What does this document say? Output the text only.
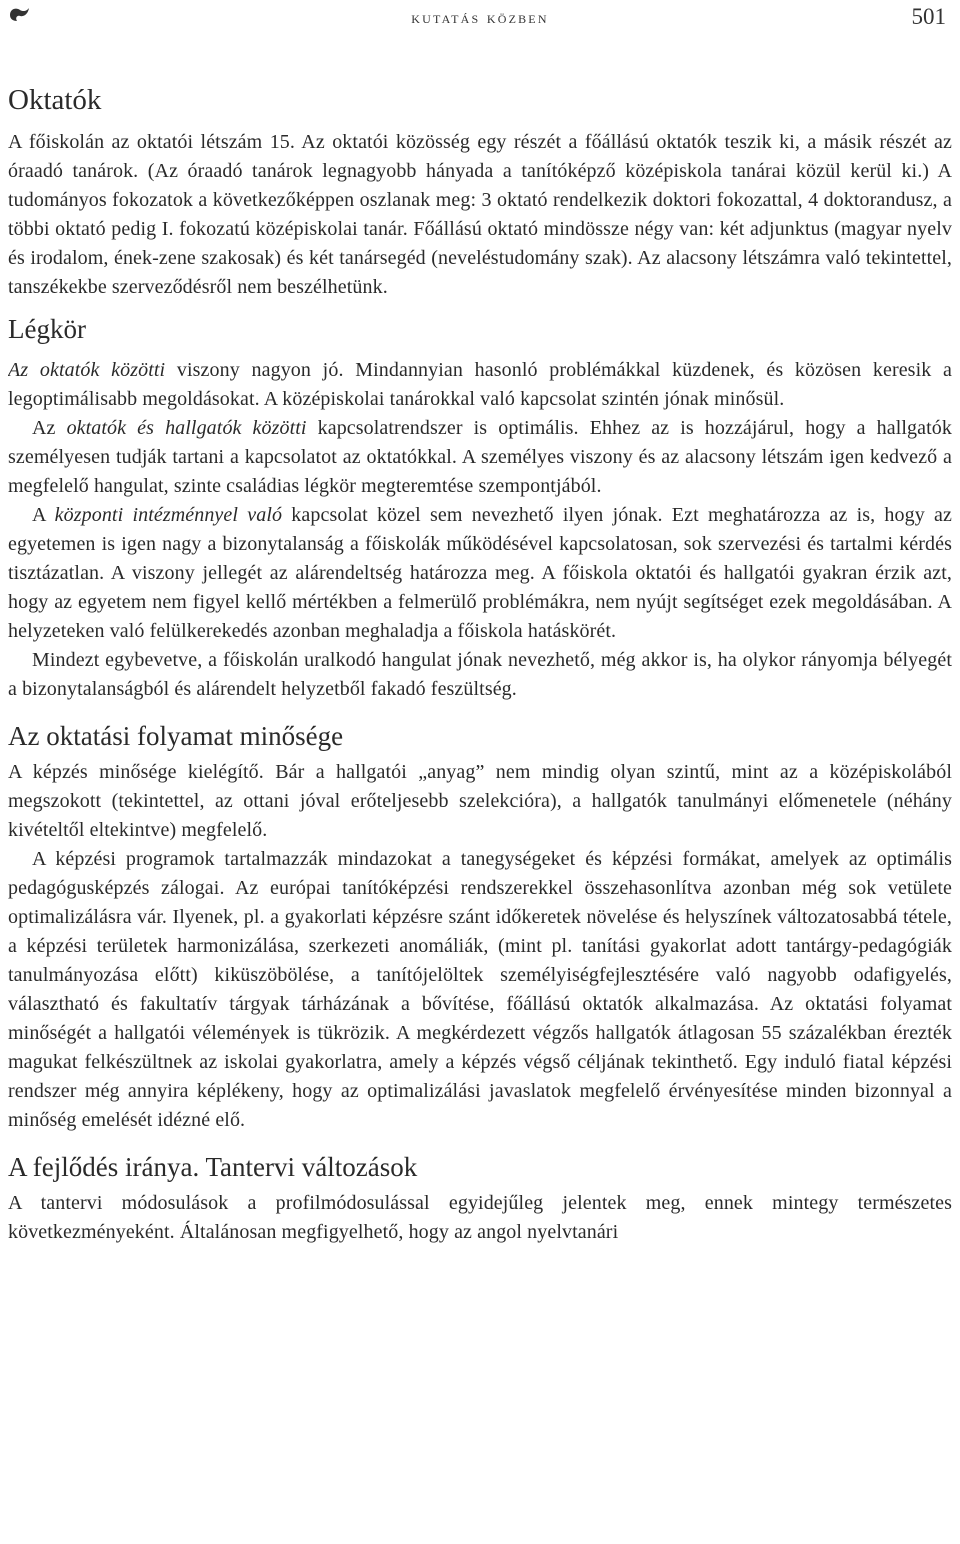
kutatás közben	501
Oktatók

A főiskolán az oktatói létszám 15. Az oktatói közösség egy részét a főállású oktatók teszik ki, a másik részét az óraadó tanárok. (Az óraadó tanárok legnagyobb hányada a tanítóképző középiskola tanárai közül kerül ki.) A tudományos fokozatok a következőképpen oszlanak meg: 3 oktató rendelkezik doktori fokozattal, 4 doktorandusz, a többi oktató pedig I. fokozatú középiskolai tanár. Főállású oktató mindössze négy van: két adjunktus (magyar nyelv és irodalom, ének-zene szakosak) és két tanársegéd (neveléstudomány szak). Az alacsony létszámra való tekintettel, tanszékekbe szerveződésről nem beszélhetünk.

Légkör

Az oktatók közötti viszony nagyon jó. Mindannyian hasonló problémákkal küzdenek, és közösen keresik a legoptimálisabb megoldásokat. A középiskolai tanárokkal való kapcsolat szintén jónak minősül.

Az oktatók és hallgatók közötti kapcsolatrendszer is optimális. Ehhez az is hozzájárul, hogy a hallgatók személyesen tudják tartani a kapcsolatot az oktatókkal. A személyes viszony és az alacsony létszám igen kedvező a megfelelő hangulat, szinte családias légkör megteremtése szempontjából.

A központi intézménnyel való kapcsolat közel sem nevezhető ilyen jónak. Ezt meghatározza az is, hogy az egyetemen is igen nagy a bizonytalanság a főiskolák működésével kapcsolatosan, sok szervezési és tartalmi kérdés tisztázatlan. A viszony jellegét az alárendeltség határozza meg. A főiskola oktatói és hallgatói gyakran érzik azt, hogy az egyetem nem figyel kellő mértékben a felmerülő problémákra, nem nyújt segítséget ezek megoldásában. A helyzeteken való felülkerekedés azonban meghaladja a főiskola hatáskörét.

Mindezt egybevetve, a főiskolán uralkodó hangulat jónak nevezhető, még akkor is, ha olykor rányomja bélyegét a bizonytalanságból és alárendelt helyzetből fakadó feszültség.

Az oktatási folyamat minősége

A képzés minősége kielégítő. Bár a hallgatói „anyag” nem mindig olyan szintű, mint az a középiskolából megszokott (tekintettel, az ottani jóval erőteljesebb szelekcióra), a hallgatók tanulmányi előmenetele (néhány kivételtől eltekintve) megfelelő.

A képzési programok tartalmazzák mindazokat a tanegységeket és képzési formákat, amelyek az optimális pedagógusképzés zálogai. Az európai tanítóképzési rendszerekkel összehasonlítva azonban még sok vetülete optimalizálásra vár. Ilyenek, pl. a gyakorlati képzésre szánt időkeretek növelése és helyszínek változatosabbá tétele, a képzési területek harmonizálása, szerkezeti anomáliák, (mint pl. tanítási gyakorlat adott tantárgy-pedagógiák tanulmányozása előtt) kiküszöbölése, a tanítójelöltek személyiségfejlesztésére való nagyobb odafigyelés, választható és fakultatív tárgyak tárházának a bővítése, főállású oktatók alkalmazása. Az oktatási folyamat minőségét a hallgatói vélemények is tükrözik. A megkérdezett végzős hallgatók átlagosan 55 százalékban érezték magukat felkészültnek az iskolai gyakorlatra, amely a képzés végső céljának tekinthető. Egy induló fiatal képzési rendszer még annyira képlékeny, hogy az optimalizálási javaslatok megfelelő érvényesítése minden bizonnyal a minőség emelését idézné elő.

A fejlődés iránya. Tantervi változások

A tantervi módosulások a profilmódosulással egyidejűleg jelentek meg, ennek mintegy természetes következményeként. Általánosan megfigyelhető, hogy az angol nyelvtanári
